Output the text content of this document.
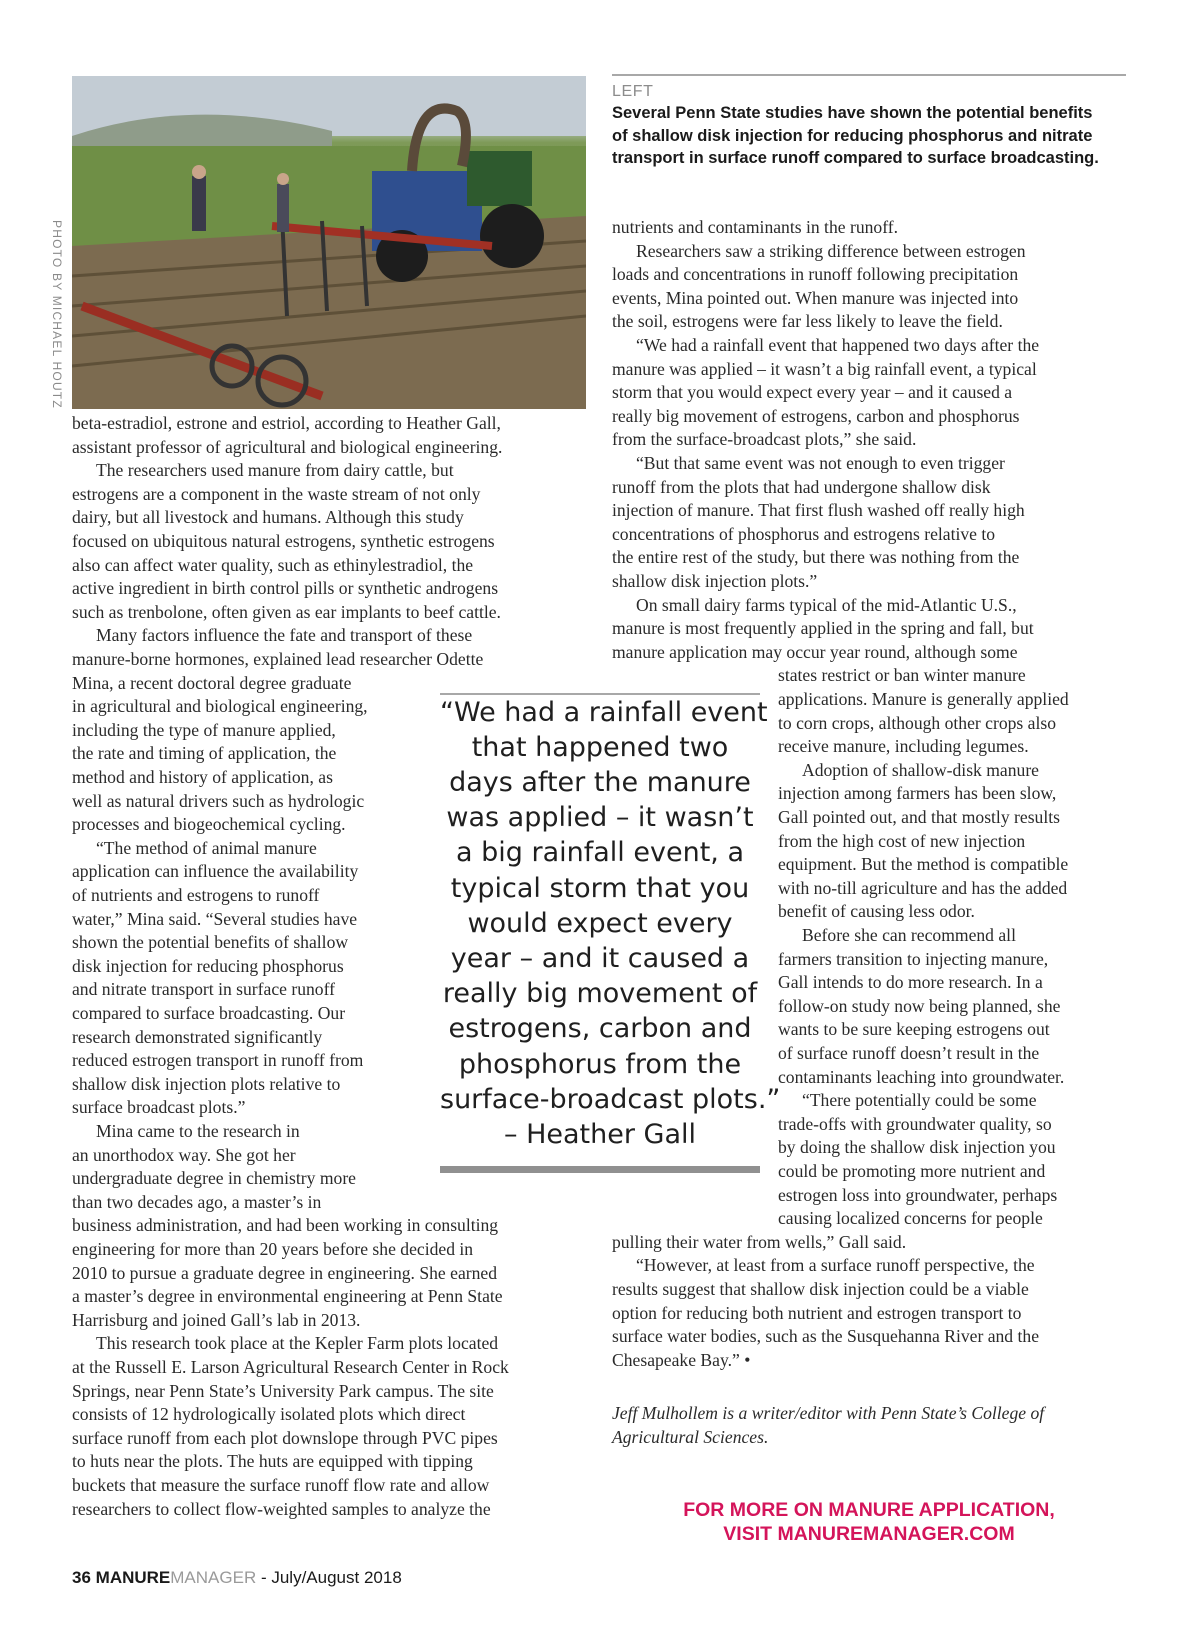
PHOTO BY MICHAEL HOUTZ
LEFT
Several Penn State studies have shown the potential benefits
of shallow disk injection for reducing phosphorus and nitrate
transport in surface runoff compared to surface broadcasting.

beta-estradiol, estrone and estriol, according to Heather Gall,

assistant professor of agricultural and biological engineering.

The researchers used manure from dairy cattle, but

estrogens are a component in the waste stream of not only

dairy, but all livestock and humans. Although this study

focused on ubiquitous natural estrogens, synthetic estrogens

also can affect water quality, such as ethinylestradiol, the

active ingredient in birth control pills or synthetic androgens

such as trenbolone, often given as ear implants to beef cattle.

Many factors influence the fate and transport of these

manure-borne hormones, explained lead researcher Odette

Mina, a recent doctoral degree graduate

in agricultural and biological engineering,

including the type of manure applied,

the rate and timing of application, the

method and history of application, as

well as natural drivers such as hydrologic

processes and biogeochemical cycling.

“The method of animal manure

application can influence the availability

of nutrients and estrogens to runoff

water,” Mina said. “Several studies have

shown the potential benefits of shallow

disk injection for reducing phosphorus

and nitrate transport in surface runoff

compared to surface broadcasting. Our

research demonstrated significantly

reduced estrogen transport in runoff from

shallow disk injection plots relative to

surface broadcast plots.”

Mina came to the research in

an unorthodox way. She got her

undergraduate degree in chemistry more

than two decades ago, a master’s in

business administration, and had been working in consulting

engineering for more than 20 years before she decided in

2010 to pursue a graduate degree in engineering. She earned

a master’s degree in environmental engineering at Penn State

Harrisburg and joined Gall’s lab in 2013.

This research took place at the Kepler Farm plots located

at the Russell E. Larson Agricultural Research Center in Rock

Springs, near Penn State’s University Park campus. The site

consists of 12 hydrologically isolated plots which direct

surface runoff from each plot downslope through PVC pipes

to huts near the plots. The huts are equipped with tipping

buckets that measure the surface runoff flow rate and allow

researchers to collect flow-weighted samples to analyze the

nutrients and contaminants in the runoff.

Researchers saw a striking difference between estrogen

loads and concentrations in runoff following precipitation

events, Mina pointed out. When manure was injected into

the soil, estrogens were far less likely to leave the field.

“We had a rainfall event that happened two days after the

manure was applied – it wasn’t a big rainfall event, a typical

storm that you would expect every year – and it caused a

really big movement of estrogens, carbon and phosphorus

from the surface-broadcast plots,” she said.

“But that same event was not enough to even trigger

runoff from the plots that had undergone shallow disk

injection of manure. That first flush washed off really high

concentrations of phosphorus and estrogens relative to

the entire rest of the study, but there was nothing from the

shallow disk injection plots.”

On small dairy farms typical of the mid-Atlantic U.S.,

manure is most frequently applied in the spring and fall, but

manure application may occur year round, although some

states restrict or ban winter manure

applications. Manure is generally applied

to corn crops, although other crops also

receive manure, including legumes.

Adoption of shallow-disk manure

injection among farmers has been slow,

Gall pointed out, and that mostly results

from the high cost of new injection

equipment. But the method is compatible

with no-till agriculture and has the added

benefit of causing less odor.

Before she can recommend all

farmers transition to injecting manure,

Gall intends to do more research. In a

follow-on study now being planned, she

wants to be sure keeping estrogens out

of surface runoff doesn’t result in the

contaminants leaching into groundwater.

“There potentially could be some

trade-offs with groundwater quality, so

by doing the shallow disk injection you

could be promoting more nutrient and

estrogen loss into groundwater, perhaps

causing localized concerns for people

pulling their water from wells,” Gall said.

“However, at least from a surface runoff perspective, the

results suggest that shallow disk injection could be a viable

option for reducing both nutrient and estrogen transport to

surface water bodies, such as the Susquehanna River and the

Chesapeake Bay.” •

Jeff Mulhollem is a writer/editor with Penn State’s College of

Agricultural Sciences.

“We had a rainfall event
that happened two
days after the manure
was applied – it wasn’t
a big rainfall event, a
typical storm that you
would expect every
year – and it caused a
really big movement of
estrogens, carbon and
phosphorus from the
surface-broadcast plots.”
– Heather Gall
FOR MORE ON MANURE APPLICATION,
VISIT MANUREMANAGER.COM
36 MANUREMANAGER - July/August 2018
